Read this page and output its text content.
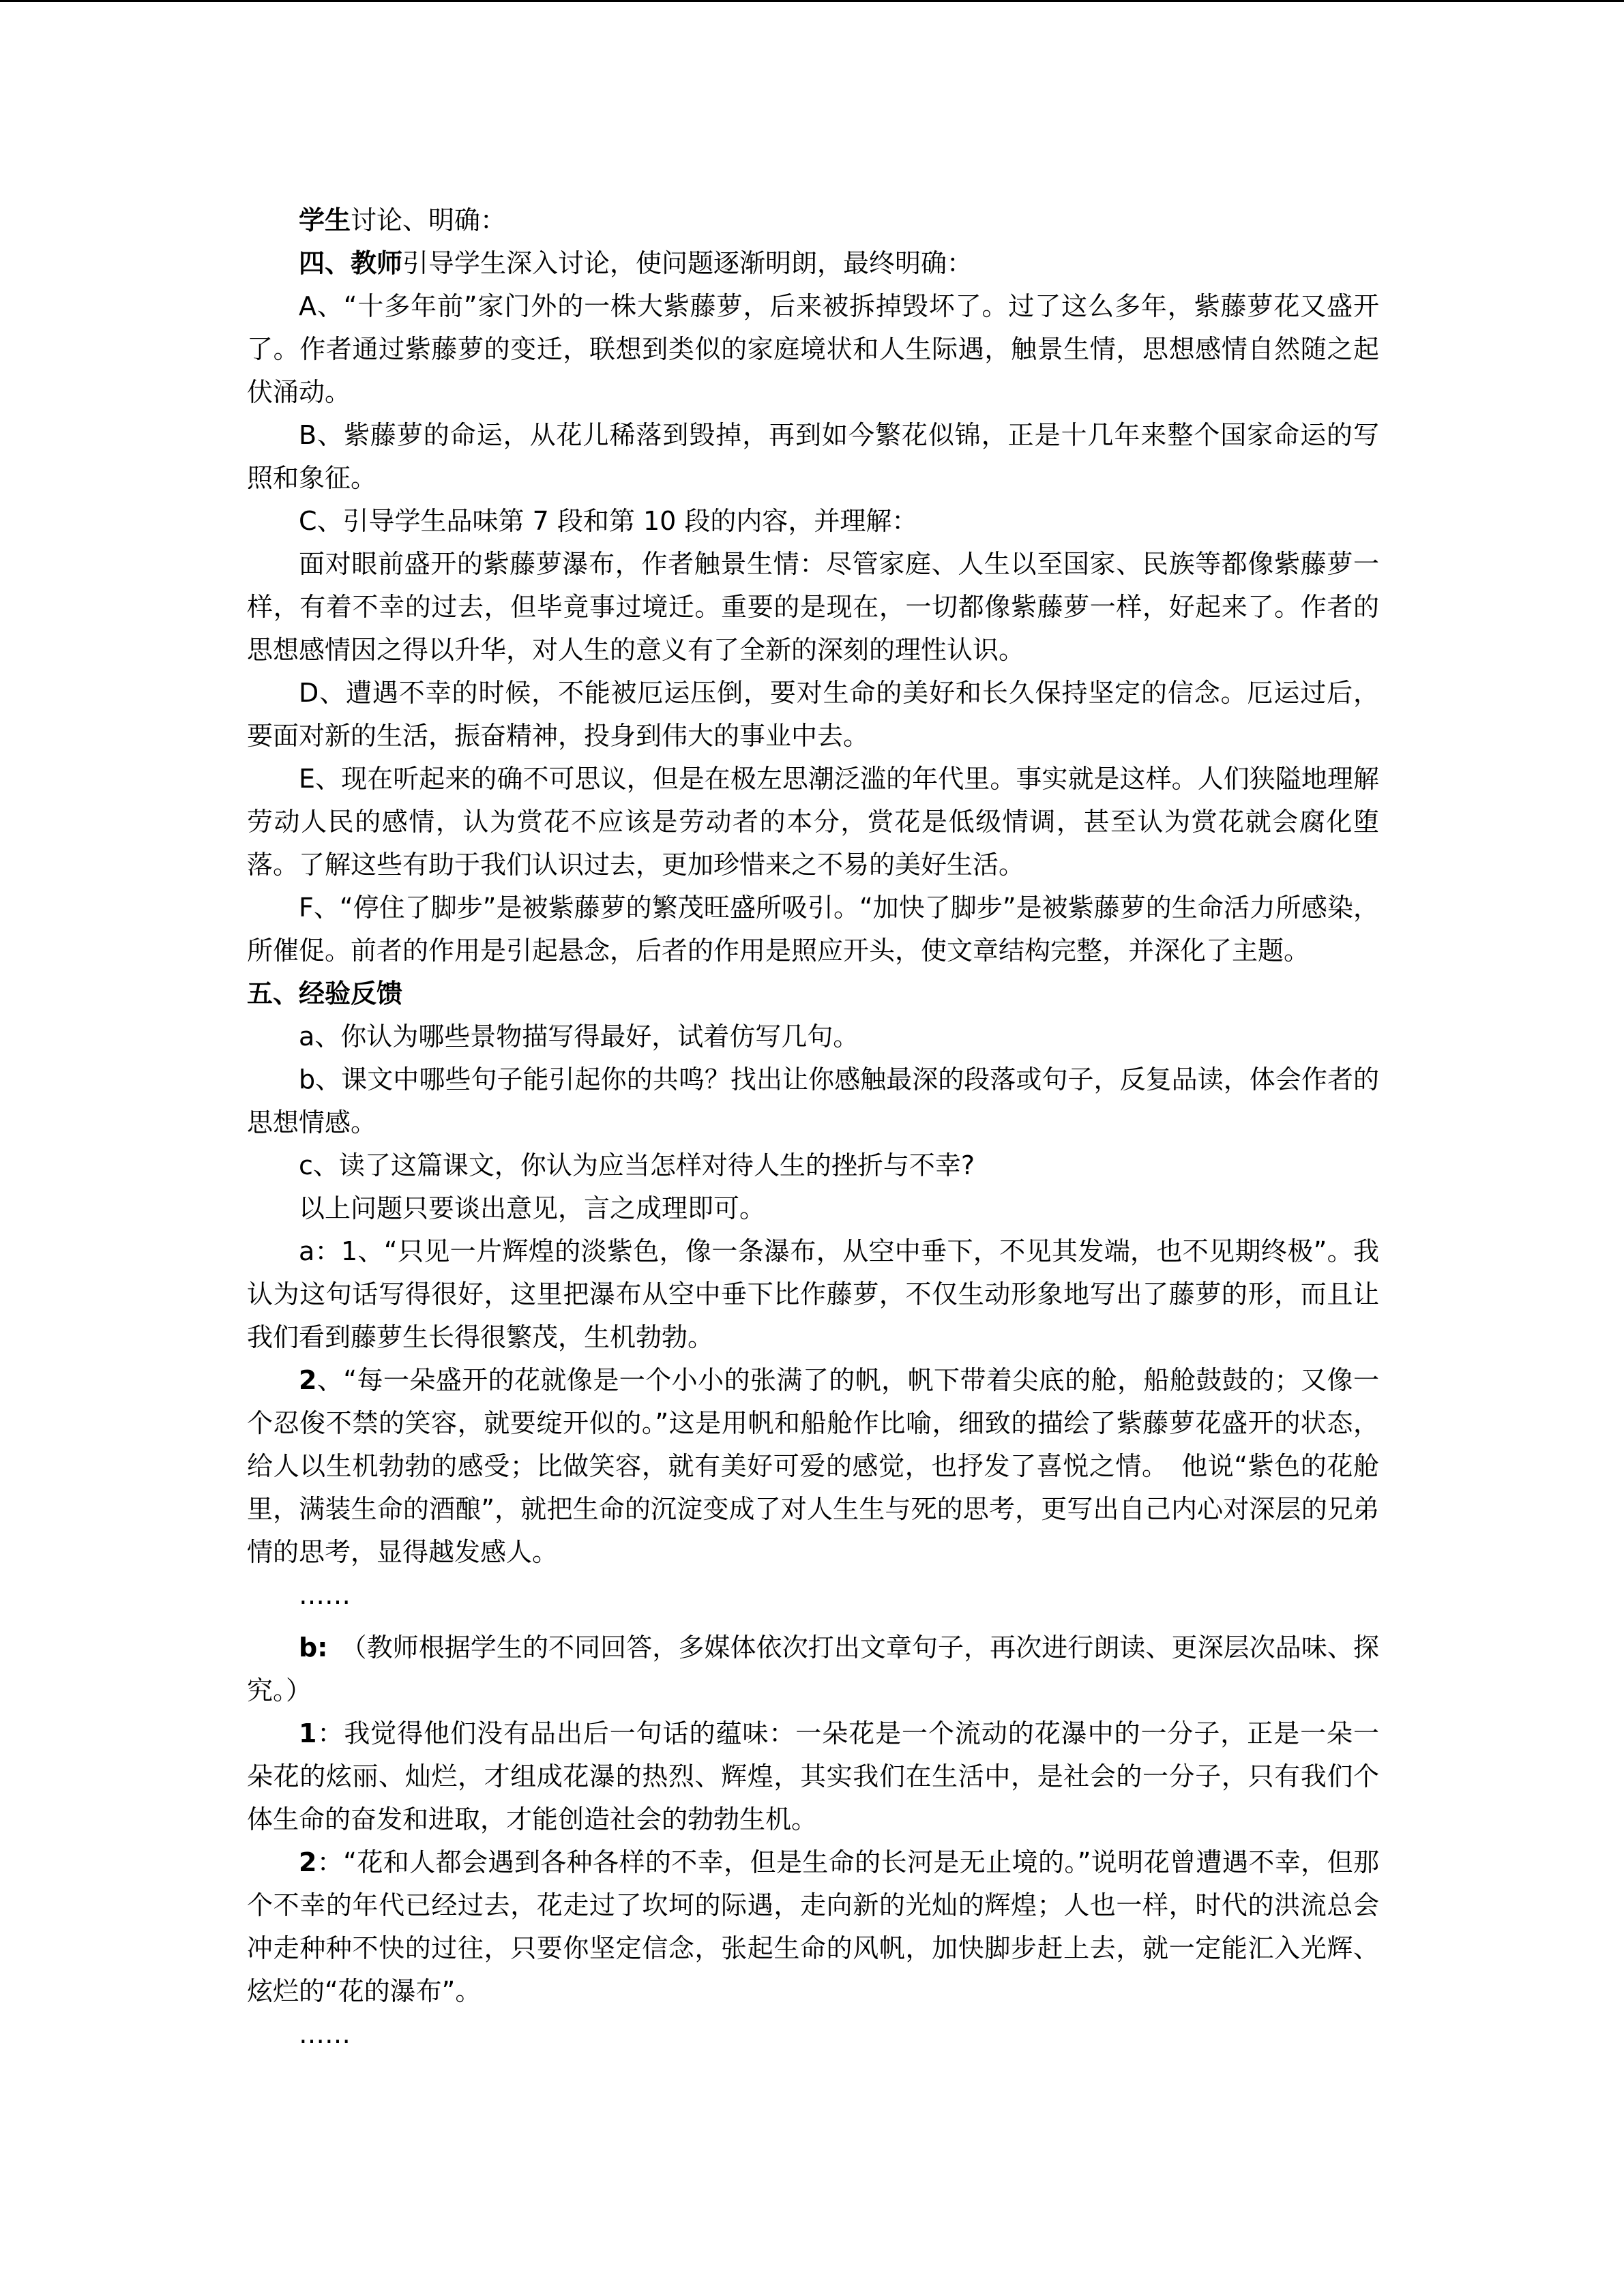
学生讨论、明确：

四、教师引导学生深入讨论，使问题逐渐明朗，最终明确：

A、“十多年前”家门外的一株大紫藤萝，后来被拆掉毁坏了。过了这么多年，紫藤萝花又盛开了。作者通过紫藤萝的变迁，联想到类似的家庭境状和人生际遇，触景生情，思想感情自然随之起伏涌动。

B、紫藤萝的命运，从花儿稀落到毁掉，再到如今繁花似锦，正是十几年来整个国家命运的写照和象征。

C、引导学生品味第 7 段和第 10 段的内容，并理解：

面对眼前盛开的紫藤萝瀑布，作者触景生情：尽管家庭、人生以至国家、民族等都像紫藤萝一样，有着不幸的过去，但毕竟事过境迁。重要的是现在，一切都像紫藤萝一样，好起来了。作者的思想感情因之得以升华，对人生的意义有了全新的深刻的理性认识。

D、遭遇不幸的时候，不能被厄运压倒，要对生命的美好和长久保持坚定的信念。厄运过后，要面对新的生活，振奋精神，投身到伟大的事业中去。

E、现在听起来的确不可思议，但是在极左思潮泛滥的年代里。事实就是这样。人们狭隘地理解劳动人民的感情，认为赏花不应该是劳动者的本分，赏花是低级情调，甚至认为赏花就会腐化堕落。了解这些有助于我们认识过去，更加珍惜来之不易的美好生活。

F、“停住了脚步”是被紫藤萝的繁茂旺盛所吸引。“加快了脚步”是被紫藤萝的生命活力所感染，所催促。前者的作用是引起悬念，后者的作用是照应开头，使文章结构完整，并深化了主题。

五、经验反馈

a、你认为哪些景物描写得最好，试着仿写几句。

b、课文中哪些句子能引起你的共鸣？找出让你感触最深的段落或句子，反复品读，体会作者的思想情感。

c、读了这篇课文，你认为应当怎样对待人生的挫折与不幸?

以上问题只要谈出意见，言之成理即可。

a：1、“只见一片辉煌的淡紫色，像一条瀑布，从空中垂下，不见其发端，也不见期终极”。我认为这句话写得很好，这里把瀑布从空中垂下比作藤萝，不仅生动形象地写出了藤萝的形，而且让我们看到藤萝生长得很繁茂，生机勃勃。

2、“每一朵盛开的花就像是一个小小的张满了的帆，帆下带着尖底的舱，船舱鼓鼓的；又像一个忍俊不禁的笑容，就要绽开似的。”这是用帆和船舱作比喻，细致的描绘了紫藤萝花盛开的状态，给人以生机勃勃的感受；比做笑容，就有美好可爱的感觉，也抒发了喜悦之情。　他说“紫色的花舱里，满装生命的酒酿”，就把生命的沉淀变成了对人生生与死的思考，更写出自己内心对深层的兄弟情的思考，显得越发感人。

……

b:　（教师根据学生的不同回答，多媒体依次打出文章句子，再次进行朗读、更深层次品味、探究。）

1：我觉得他们没有品出后一句话的蕴味：一朵花是一个流动的花瀑中的一分子，正是一朵一朵花的炫丽、灿烂，才组成花瀑的热烈、辉煌，其实我们在生活中，是社会的一分子，只有我们个体生命的奋发和进取，才能创造社会的勃勃生机。

2：“花和人都会遇到各种各样的不幸，但是生命的长河是无止境的。”说明花曾遭遇不幸，但那个不幸的年代已经过去，花走过了坎坷的际遇，走向新的光灿的辉煌；人也一样，时代的洪流总会冲走种种不快的过往，只要你坚定信念，张起生命的风帆，加快脚步赶上去，就一定能汇入光辉、炫烂的“花的瀑布”。

……
